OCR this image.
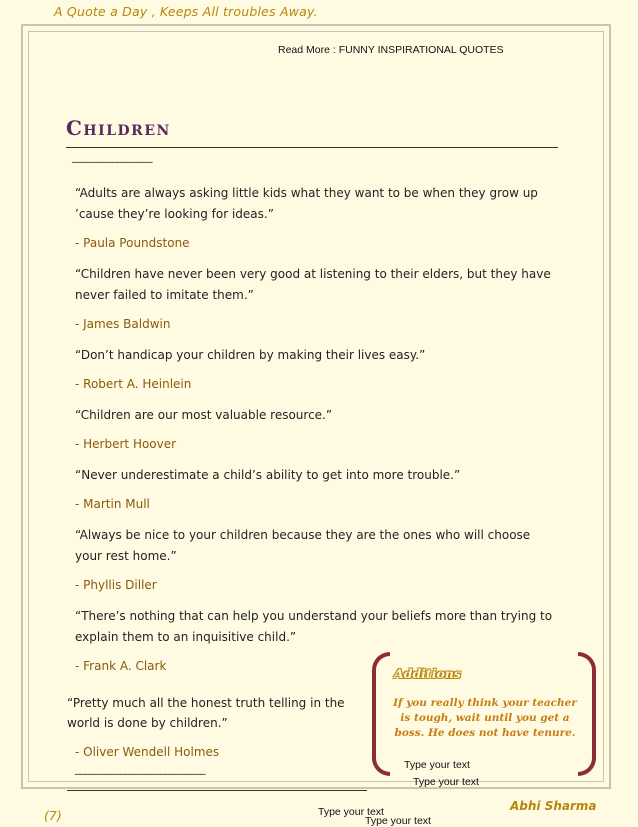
A Quote a Day , Keeps All troubles Away.
Read More : FUNNY INSPIRATIONAL QUOTES
Children
________________

“Adults are always asking little kids what they want to be when they grow up ’cause they’re looking for ideas.”

- Paula Poundstone

“Children have never been very good at listening to their elders, but they have never failed to imitate them.”

- James Baldwin

“Don’t handicap your children by making their lives easy.”

- Robert A. Heinlein

“Children are our most valuable resource.”

- Herbert Hoover

“Never underestimate a child’s ability to get into more trouble.”

- Martin Mull

“Always be nice to your children because they are the ones who will choose your rest home.”

- Phyllis Diller

“There’s nothing that can help you understand your beliefs more than trying to explain them to an inquisitive child.”

- Frank A. Clark

“Pretty much all the honest truth telling in the world is done by children.”

- Oliver Wendell Holmes

__________________________
Additions
If you really think your teacher is tough, wait until you get a boss. He does not have tenure.
Type your text
Type your text
Type your text
Type your text
(7)
Abhi Sharma
